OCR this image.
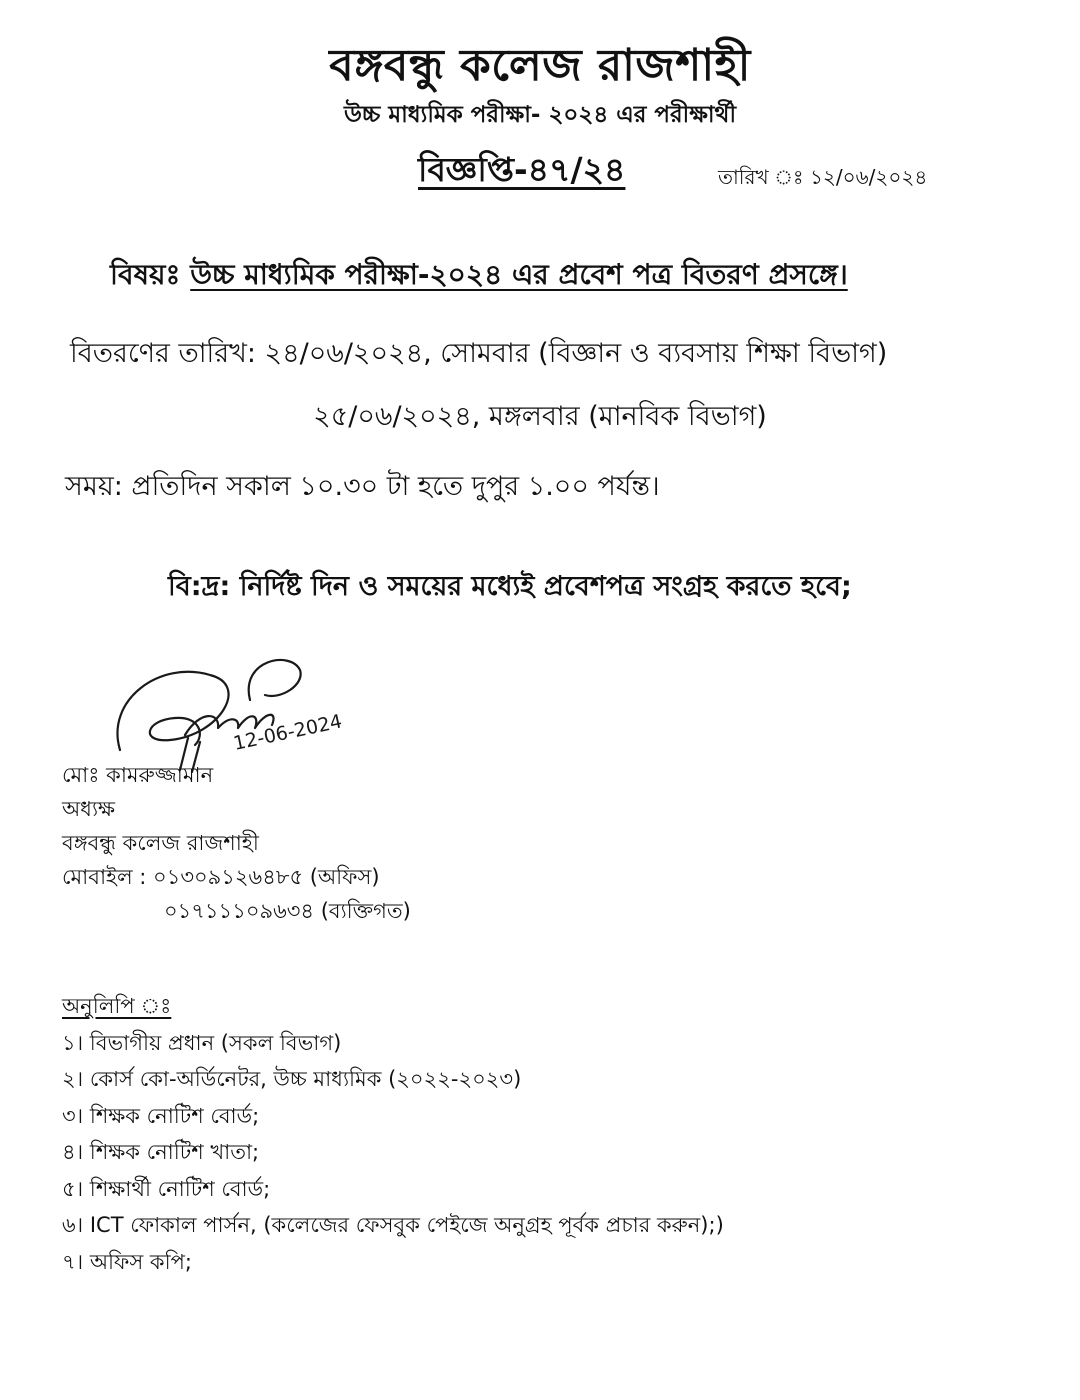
বঙ্গবন্ধু কলেজ রাজশাহী
উচ্চ মাধ্যমিক পরীক্ষা- ২০২৪ এর পরীক্ষার্থী
বিজ্ঞপ্তি-৪৭/২৪	তারিখ ঃ ১২/০৬/২০২৪
বিষয়ঃ উচ্চ মাধ্যমিক পরীক্ষা-২০২৪ এর প্রবেশ পত্র বিতরণ প্রসঙ্গে।
বিতরণের তারিখ: ২৪/০৬/২০২৪, সোমবার (বিজ্ঞান ও ব্যবসায় শিক্ষা বিভাগ)
২৫/০৬/২০২৪, মঙ্গলবার (মানবিক বিভাগ)
সময়: প্রতিদিন সকাল ১০.৩০ টা হতে দুপুর ১.০০ পর্যন্ত।
বি:দ্র: নির্দিষ্ট দিন ও সময়ের মধ্যেই প্রবেশপত্র সংগ্রহ করতে হবে;
12-06-2024
মোঃ কামরুজ্জামান
অধ্যক্ষ
বঙ্গবন্ধু কলেজ রাজশাহী
মোবাইল : ০১৩০৯১২৬৪৮৫ (অফিস)
০১৭১১১০৯৬৩৪ (ব্যক্তিগত)
অনুলিপি ঃ
১। বিভাগীয় প্রধান (সকল বিভাগ)
২। কোর্স কো-অর্ডিনেটর, উচ্চ মাধ্যমিক (২০২২-২০২৩)
৩। শিক্ষক নোটিশ বোর্ড;
৪। শিক্ষক নোটিশ খাতা;
৫। শিক্ষার্থী নোটিশ বোর্ড;
৬। ICT ফোকাল পার্সন, (কলেজের ফেসবুক পেইজে অনুগ্রহ পূর্বক প্রচার করুন);)
৭। অফিস কপি;
